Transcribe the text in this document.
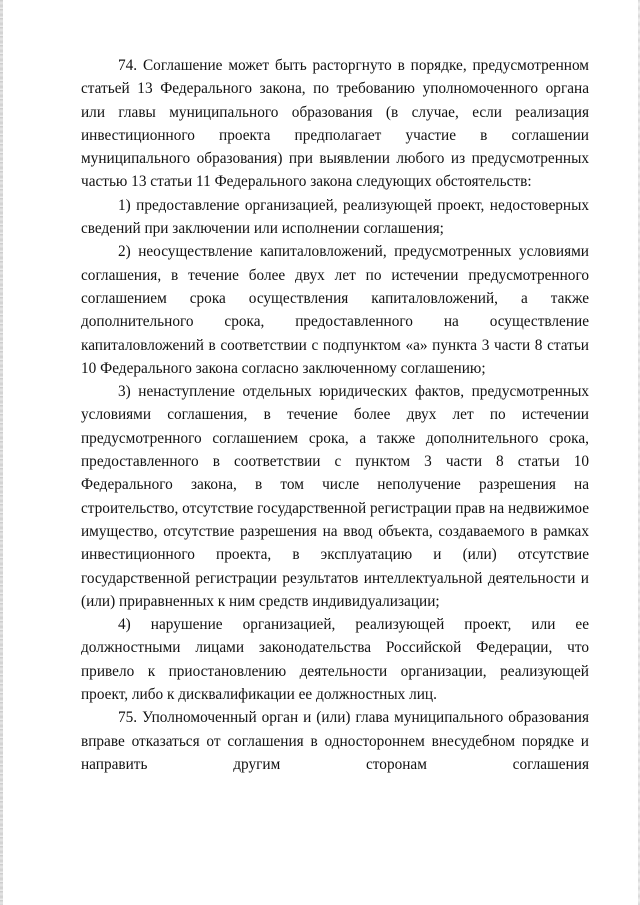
74. Соглашение может быть расторгнуто в порядке, предусмотренном статьей 13 Федерального закона, по требованию уполномоченного органа или главы муниципального образования (в случае, если реализация инвестиционного проекта предполагает участие в соглашении муниципального образования) при выявлении любого из предусмотренных частью 13 статьи 11 Федерального закона следующих обстоятельств:

1) предоставление организацией, реализующей проект, недостоверных сведений при заключении или исполнении соглашения;

2) неосуществление капиталовложений, предусмотренных условиями соглашения, в течение более двух лет по истечении предусмотренного соглашением срока осуществления капиталовложений, а также дополнительного срока, предоставленного на осуществление капиталовложений в соответствии с подпунктом «а» пункта 3 части 8 статьи 10 Федерального закона согласно заключенному соглашению;

3) ненаступление отдельных юридических фактов, предусмотренных условиями соглашения, в течение более двух лет по истечении предусмотренного соглашением срока, а также дополнительного срока, предоставленного в соответствии с пунктом 3 части 8 статьи 10 Федерального закона, в том числе неполучение разрешения на строительство, отсутствие государственной регистрации прав на недвижимое имущество, отсутствие разрешения на ввод объекта, создаваемого в рамках инвестиционного проекта, в эксплуатацию и (или) отсутствие государственной регистрации результатов интеллектуальной деятельности и (или) приравненных к ним средств индивидуализации;

4) нарушение организацией, реализующей проект, или ее должностными лицами законодательства Российской Федерации, что привело к приостановлению деятельности организации, реализующей проект, либо к дисквалификации ее должностных лиц.

75. Уполномоченный орган и (или) глава муниципального образования вправе отказаться от соглашения в одностороннем внесудебном порядке и направить другим сторонам соглашения
